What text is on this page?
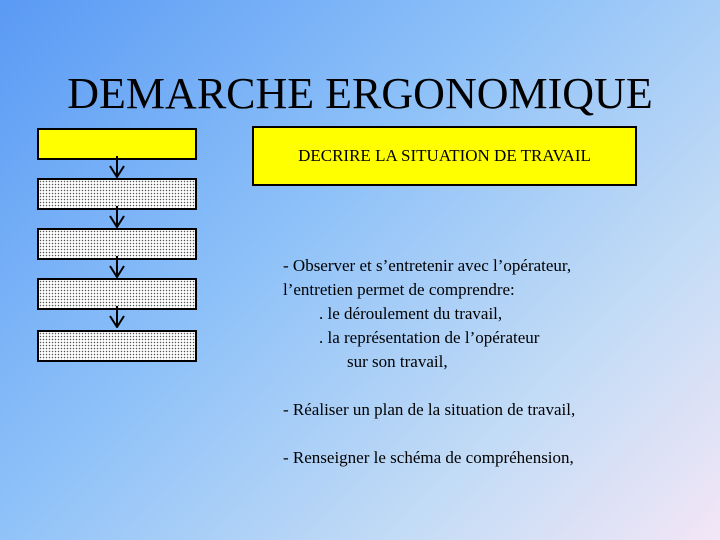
DEMARCHE ERGONOMIQUE
DECRIRE LA SITUATION DE TRAVAIL
- Observer et s’entretenir avec l’opérateur,
l’entretien permet de comprendre:
. le déroulement du travail,
. la représentation de l’opérateur
sur son travail,
- Réaliser un plan de la situation de travail,
- Renseigner le schéma de compréhension,
